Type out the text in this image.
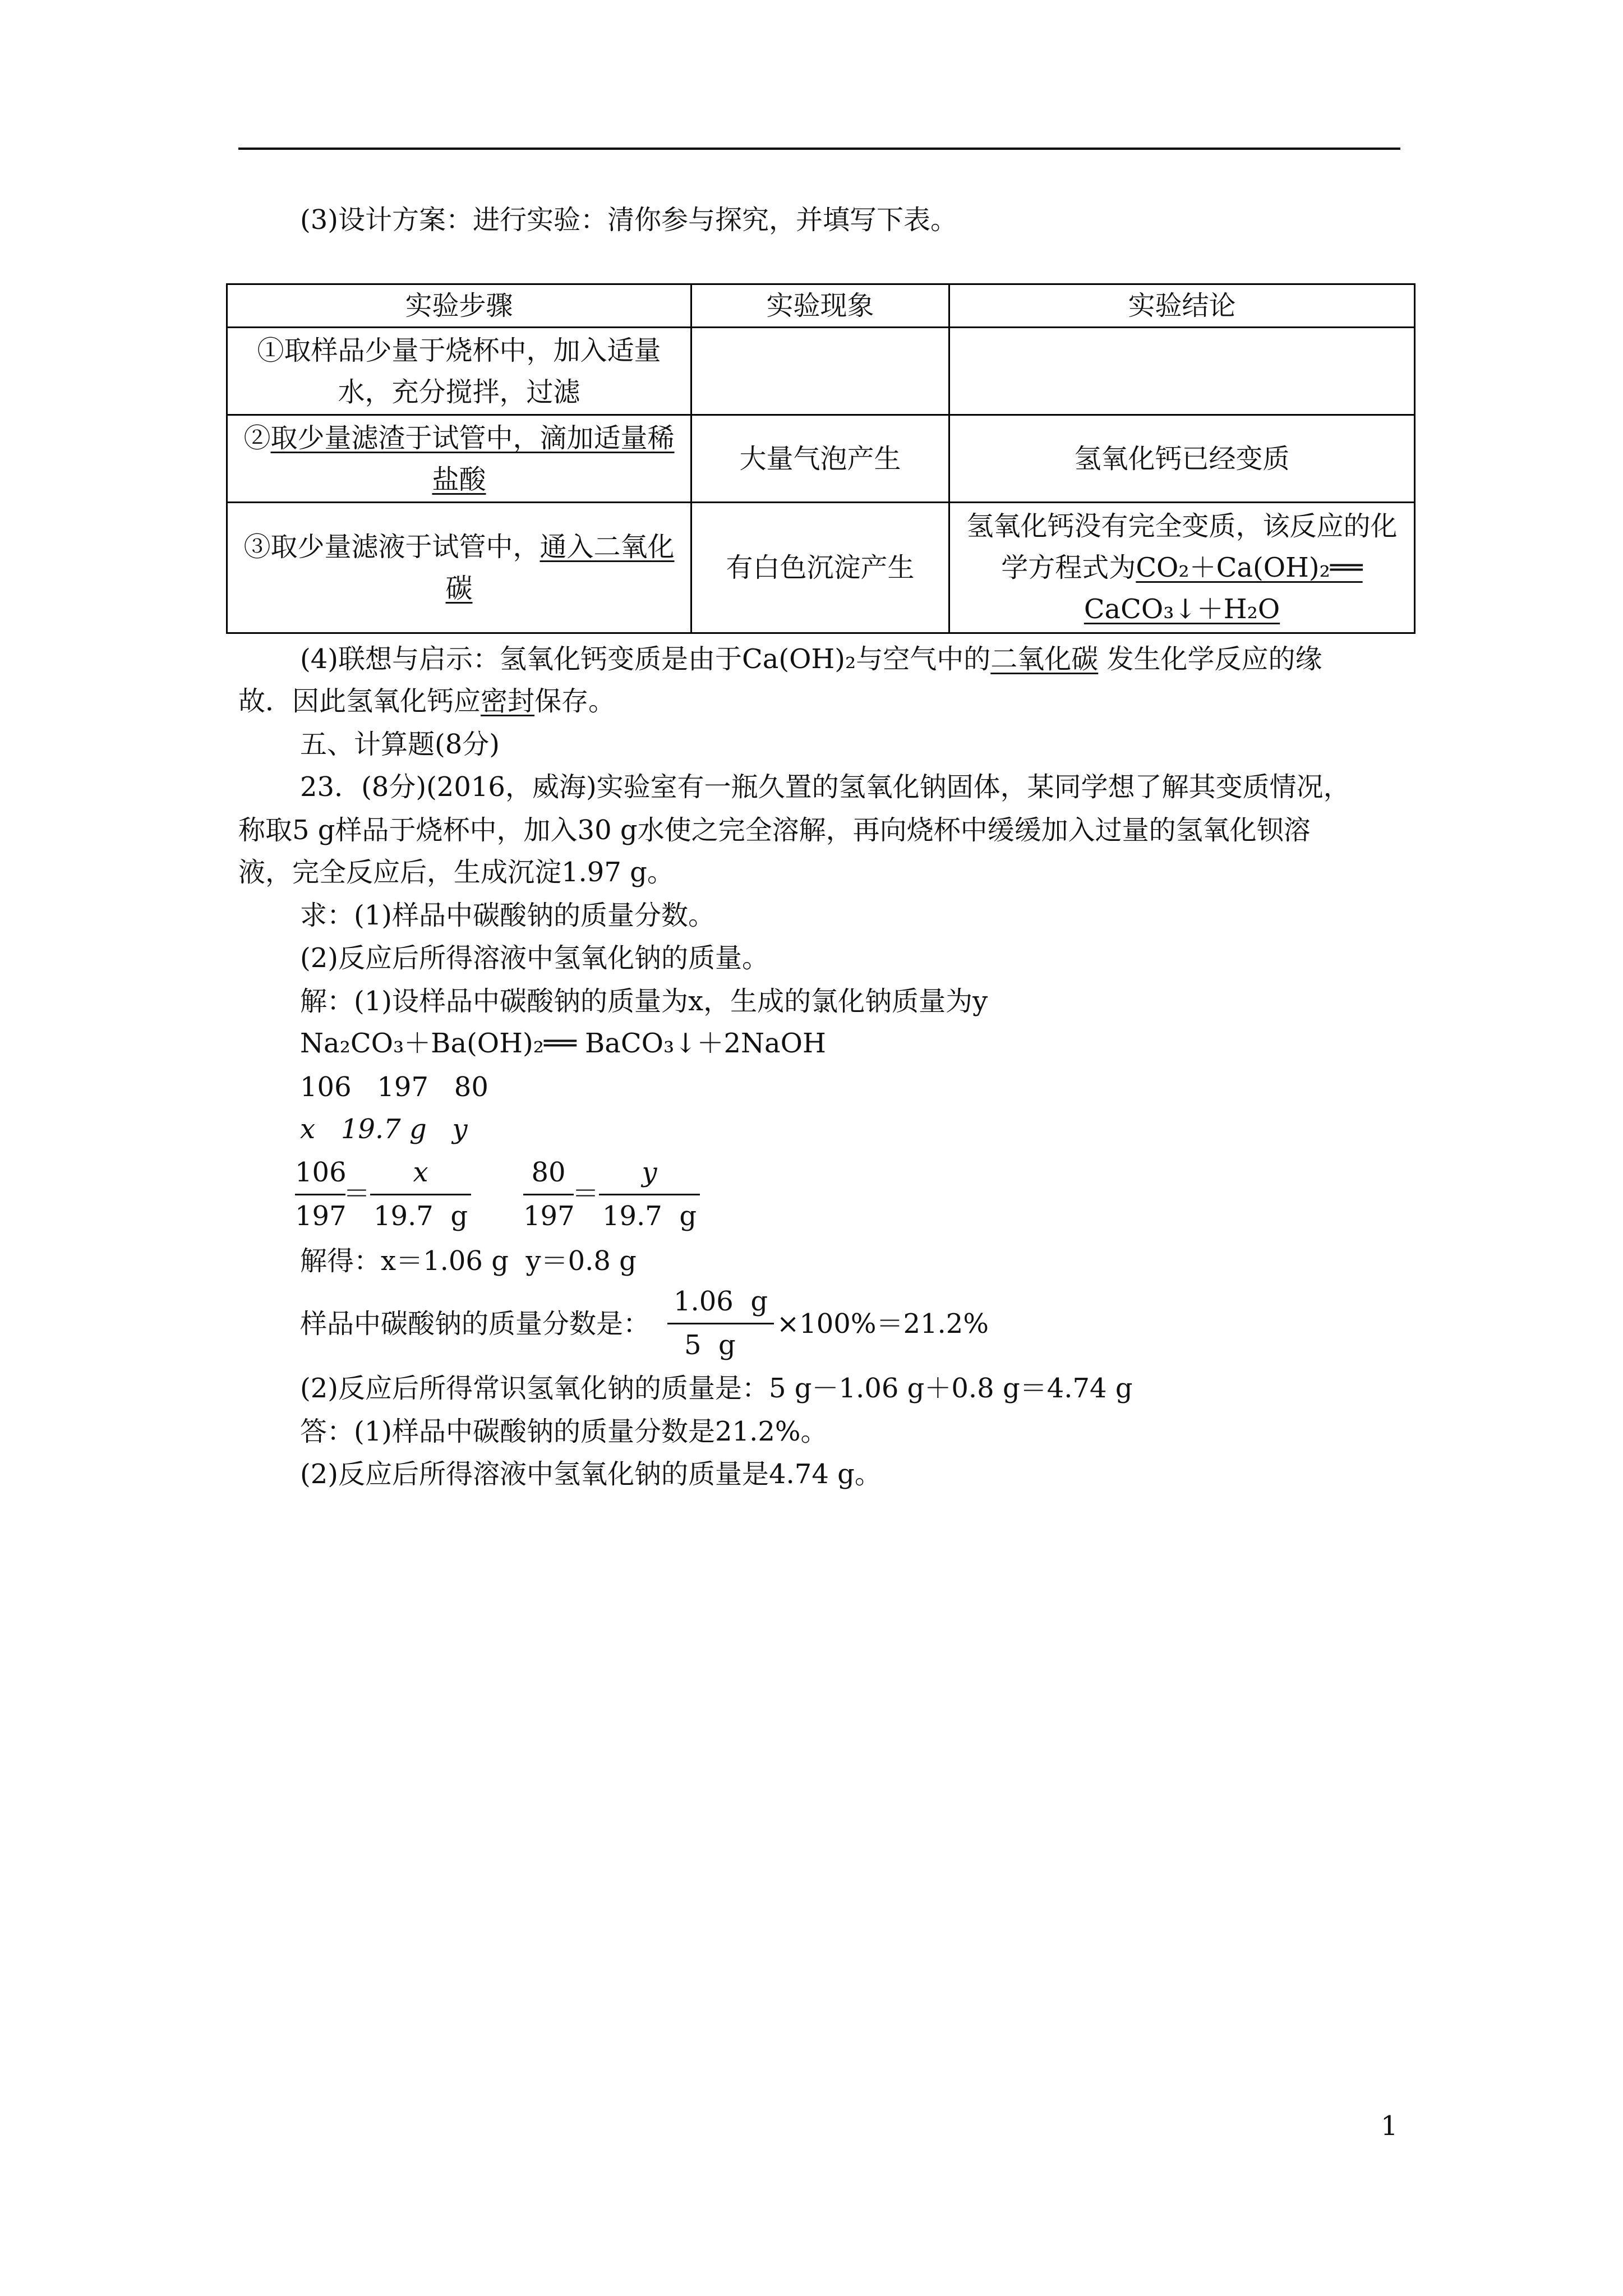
(3)设计方案：进行实验：清你参与探究，并填写下表。
实验步骤	实验现象	实验结论
①取样品少量于烧杯中，加入适量水，充分搅拌，过滤		
②取少量滤渣于试管中，滴加适量稀盐酸	大量气泡产生	氢氧化钙已经变质
③取少量滤液于试管中，通入二氧化碳	有白色沉淀产生	氢氧化钙没有完全变质，该反应的化学方程式为CO₂＋Ca(OH)₂══ CaCO₃↓＋H₂O
(4)联想与启示：氢氧化钙变质是由于Ca(OH)₂与空气中的二氧化碳 发生化学反应的缘
故．因此氢氧化钙应密封保存。
五、计算题(8分)
23．(8分)(2016，威海)实验室有一瓶久置的氢氧化钠固体，某同学想了解其变质情况，
称取5 g样品于烧杯中，加入30 g水使之完全溶解，再向烧杯中缓缓加入过量的氢氧化钡溶
液，完全反应后，生成沉淀1.97 g。
求：(1)样品中碳酸钠的质量分数。
(2)反应后所得溶液中氢氧化钠的质量。
解：(1)设样品中碳酸钠的质量为x，生成的氯化钠质量为y
Na₂CO₃＋Ba(OH)₂══ BaCO₃↓＋2NaOH
106   197   80
x   19.7 g   y
106
197
＝
x
19.7  g
80
197
＝
y
19.7  g
解得：x＝1.06 g  y＝0.8 g
样品中碳酸钠的质量分数是：
1.06  g
5  g
×100%＝21.2%
(2)反应后所得常识氢氧化钠的质量是：5 g－1.06 g＋0.8 g＝4.74 g
答：(1)样品中碳酸钠的质量分数是21.2%。
(2)反应后所得溶液中氢氧化钠的质量是4.74 g。
1
